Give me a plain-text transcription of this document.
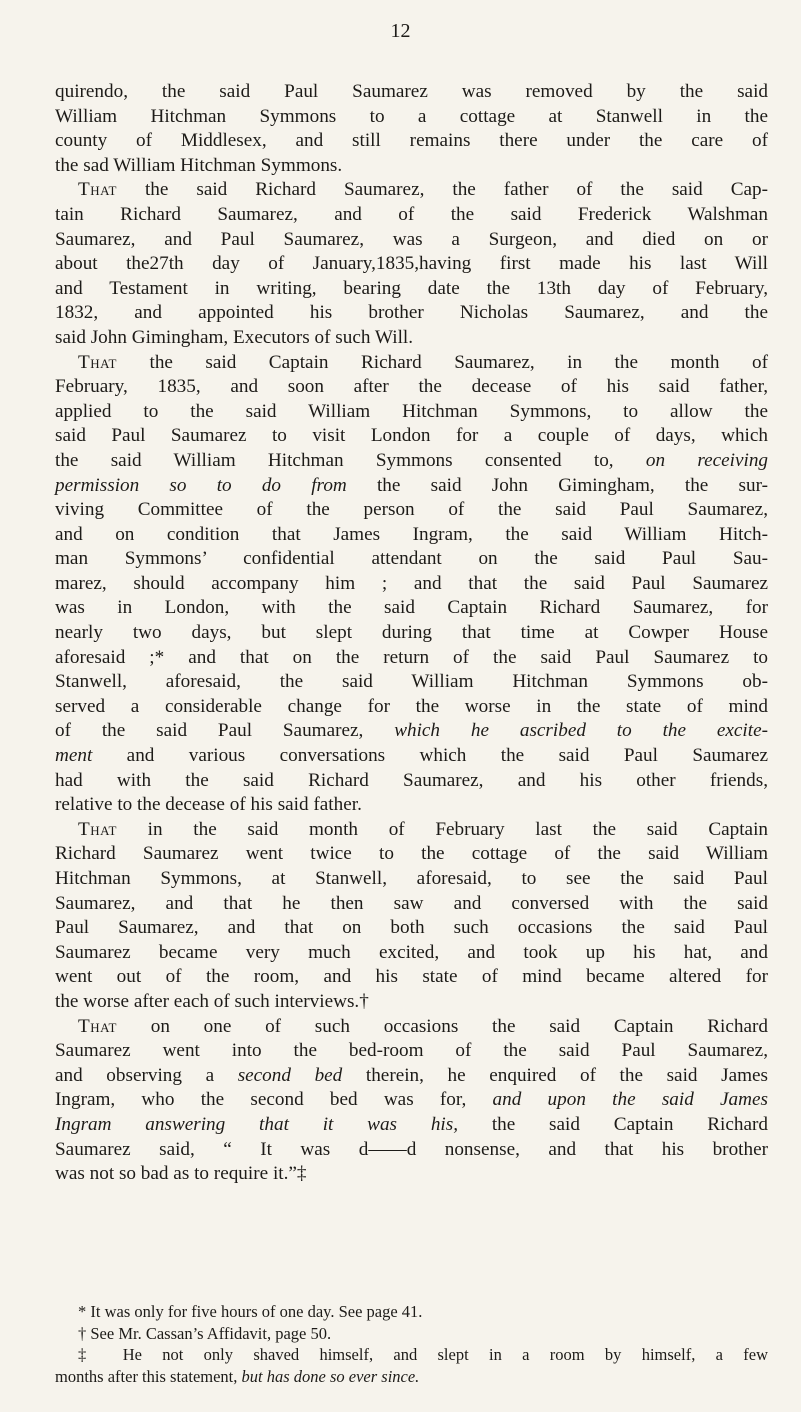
12
quirendo, the said Paul Saumarez was removed by the said
William Hitchman Symmons to a cottage at Stanwell in the
county of Middlesex, and still remains there under the care of
the sad William Hitchman Symmons.
That the said Richard Saumarez, the father of the said Cap-
tain Richard Saumarez, and of the said Frederick Walshman
Saumarez, and Paul Saumarez, was a Surgeon, and died on or
about the27th day of January,1835,having first made his last Will
and Testament in writing, bearing date the 13th day of February,
1832, and appointed his brother Nicholas Saumarez, and the
said John Gimingham, Executors of such Will.
That the said Captain Richard Saumarez, in the month of
February, 1835, and soon after the decease of his said father,
applied to the said William Hitchman Symmons, to allow the
said Paul Saumarez to visit London for a couple of days, which
the said William Hitchman Symmons consented to, on receiving
permission so to do from the said John Gimingham, the sur-
viving Committee of the person of the said Paul Saumarez,
and on condition that James Ingram, the said William Hitch-
man Symmons’ confidential attendant on the said Paul Sau-
marez, should accompany him ; and that the said Paul Saumarez
was in London, with the said Captain Richard Saumarez, for
nearly two days, but slept during that time at Cowper House
aforesaid ;* and that on the return of the said Paul Saumarez to
Stanwell, aforesaid, the said William Hitchman Symmons ob-
served a considerable change for the worse in the state of mind
of the said Paul Saumarez, which he ascribed to the excite-
ment and various conversations which the said Paul Saumarez
had with the said Richard Saumarez, and his other friends,
relative to the decease of his said father.
That in the said month of February last the said Captain
Richard Saumarez went twice to the cottage of the said William
Hitchman Symmons, at Stanwell, aforesaid, to see the said Paul
Saumarez, and that he then saw and conversed with the said
Paul Saumarez, and that on both such occasions the said Paul
Saumarez became very much excited, and took up his hat, and
went out of the room, and his state of mind became altered for
the worse after each of such interviews.†
That on one of such occasions the said Captain Richard
Saumarez went into the bed-room of the said Paul Saumarez,
and observing a second bed therein, he enquired of the said James
Ingram, who the second bed was for, and upon the said James
Ingram answering that it was his, the said Captain Richard
Saumarez said, “ It was d——d nonsense, and that his brother
was not so bad as to require it.”‡
* It was only for five hours of one day. See page 41.
† See Mr. Cassan’s Affidavit, page 50.
‡ He not only shaved himself, and slept in a room by himself, a few
months after this statement, but has done so ever since.
